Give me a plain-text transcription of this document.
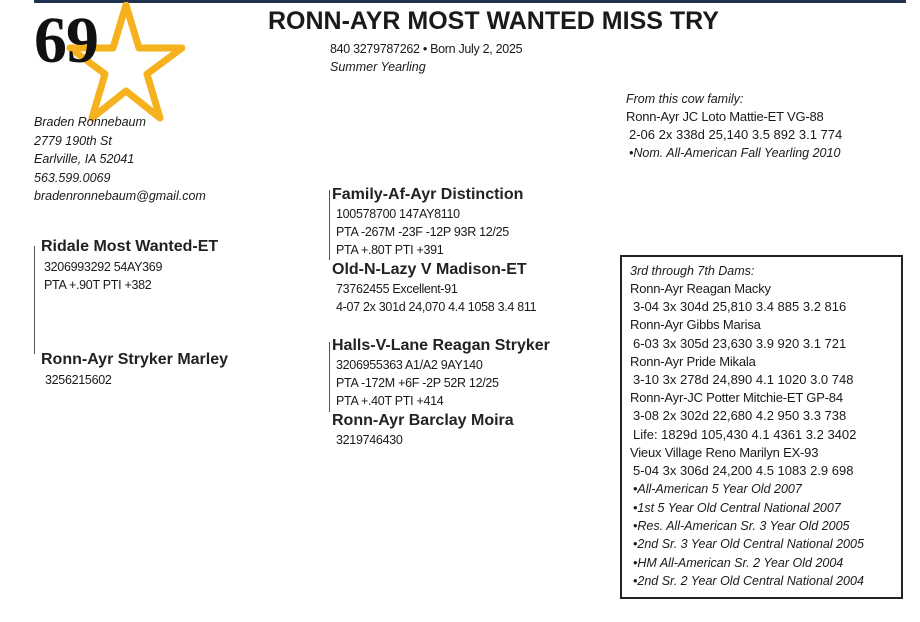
69	RONN-AYR MOST WANTED MISS TRY
840 3279787262 • Born July 2, 2025
Summer Yearling
Braden Ronnebaum
2779 190th St
Earlville, IA 52041
563.599.0069
bradenronnebaum@gmail.com
Ridale Most Wanted-ET
3206993292 54AY369
PTA +.90T PTI +382
Ronn-Ayr Stryker Marley
3256215602
Family-Af-Ayr Distinction
100578700 147AY8110
PTA -267M -23F -12P 93R 12/25
PTA +.80T PTI +391
Old-N-Lazy V Madison-ET
73762455 Excellent-91
4-07 2x 301d 24,070 4.4 1058 3.4 811
Halls-V-Lane Reagan Stryker
3206955363 A1/A2 9AY140
PTA -172M +6F -2P 52R 12/25
PTA +.40T PTI +414
Ronn-Ayr Barclay Moira
3219746430
From this cow family:
Ronn-Ayr JC Loto Mattie-ET VG-88
2-06 2x 338d 25,140 3.5 892 3.1 774
•Nom. All-American Fall Yearling 2010
3rd through 7th Dams:
Ronn-Ayr Reagan Macky
3-04 3x 304d 25,810 3.4 885 3.2 816
Ronn-Ayr Gibbs Marisa
6-03 3x 305d 23,630 3.9 920 3.1 721
Ronn-Ayr Pride Mikala
3-10 3x 278d 24,890 4.1 1020 3.0 748
Ronn-Ayr-JC Potter Mitchie-ET GP-84
3-08 2x 302d 22,680 4.2 950 3.3 738
Life: 1829d 105,430 4.1 4361 3.2 3402
Vieux Village Reno Marilyn EX-93
5-04 3x 306d 24,200 4.5 1083 2.9 698
•All-American 5 Year Old 2007
•1st 5 Year Old Central National 2007
•Res. All-American Sr. 3 Year Old 2005
•2nd Sr. 3 Year Old Central National 2005
•HM All-American Sr. 2 Year Old 2004
•2nd Sr. 2 Year Old Central National 2004
